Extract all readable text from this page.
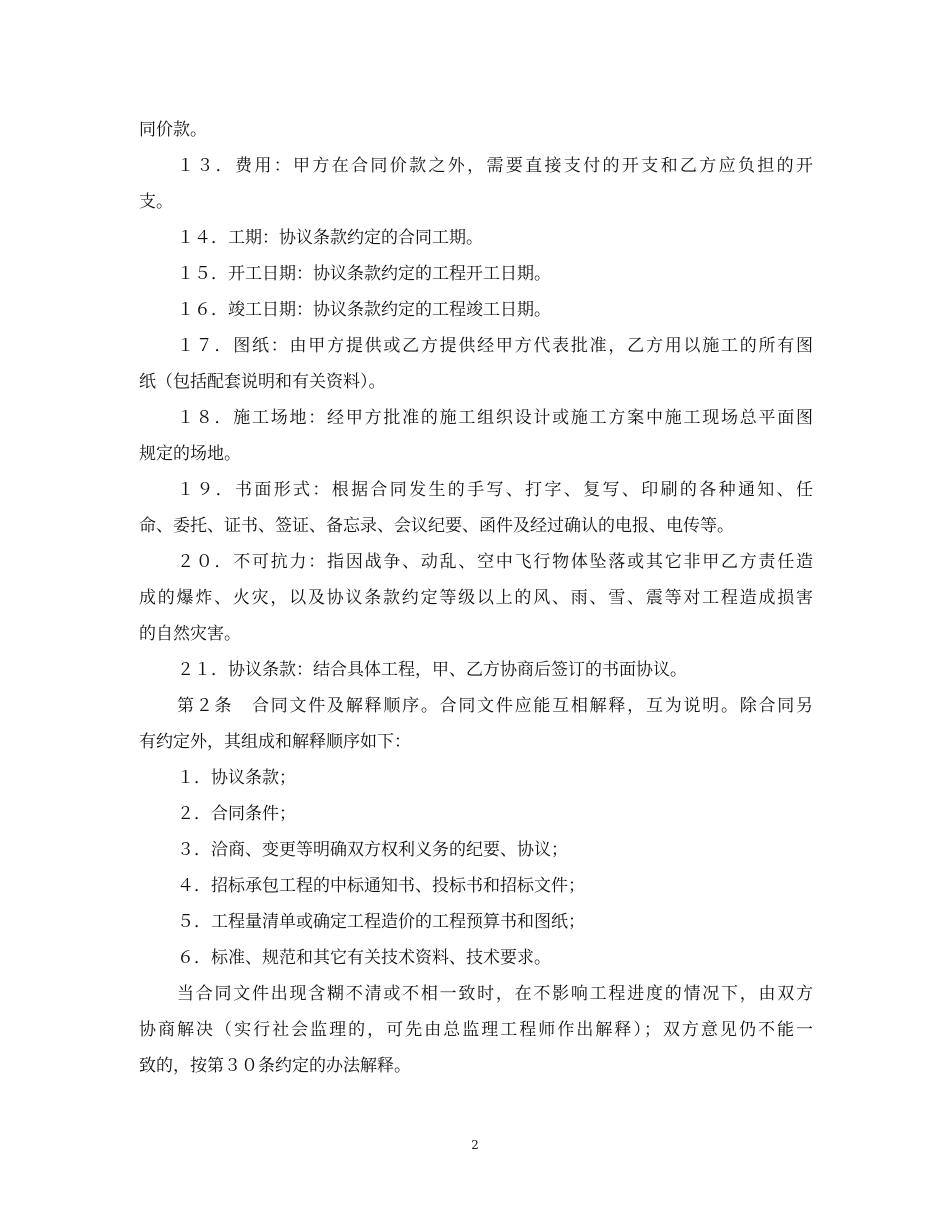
同价款。
１３．费用：甲方在合同价款之外，需要直接支付的开支和乙方应负担的开
支。
１４．工期：协议条款约定的合同工期。
１５．开工日期：协议条款约定的工程开工日期。
１６．竣工日期：协议条款约定的工程竣工日期。
１７．图纸：由甲方提供或乙方提供经甲方代表批准，乙方用以施工的所有图
纸（包括配套说明和有关资料）。
１８．施工场地：经甲方批准的施工组织设计或施工方案中施工现场总平面图
规定的场地。
１９．书面形式：根据合同发生的手写、打字、复写、印刷的各种通知、任
命、委托、证书、签证、备忘录、会议纪要、函件及经过确认的电报、电传等。
２０．不可抗力：指因战争、动乱、空中飞行物体坠落或其它非甲乙方责任造
成的爆炸、火灾，以及协议条款约定等级以上的风、雨、雪、震等对工程造成损害
的自然灾害。
２１．协议条款：结合具体工程，甲、乙方协商后签订的书面协议。
第２条　合同文件及解释顺序。合同文件应能互相解释，互为说明。除合同另
有约定外，其组成和解释顺序如下：
１．协议条款；
２．合同条件；
３．洽商、变更等明确双方权利义务的纪要、协议；
４．招标承包工程的中标通知书、投标书和招标文件；
５．工程量清单或确定工程造价的工程预算书和图纸；
６．标准、规范和其它有关技术资料、技术要求。
当合同文件出现含糊不清或不相一致时，在不影响工程进度的情况下，由双方
协商解决（实行社会监理的，可先由总监理工程师作出解释）；双方意见仍不能一
致的，按第３０条约定的办法解释。
2
